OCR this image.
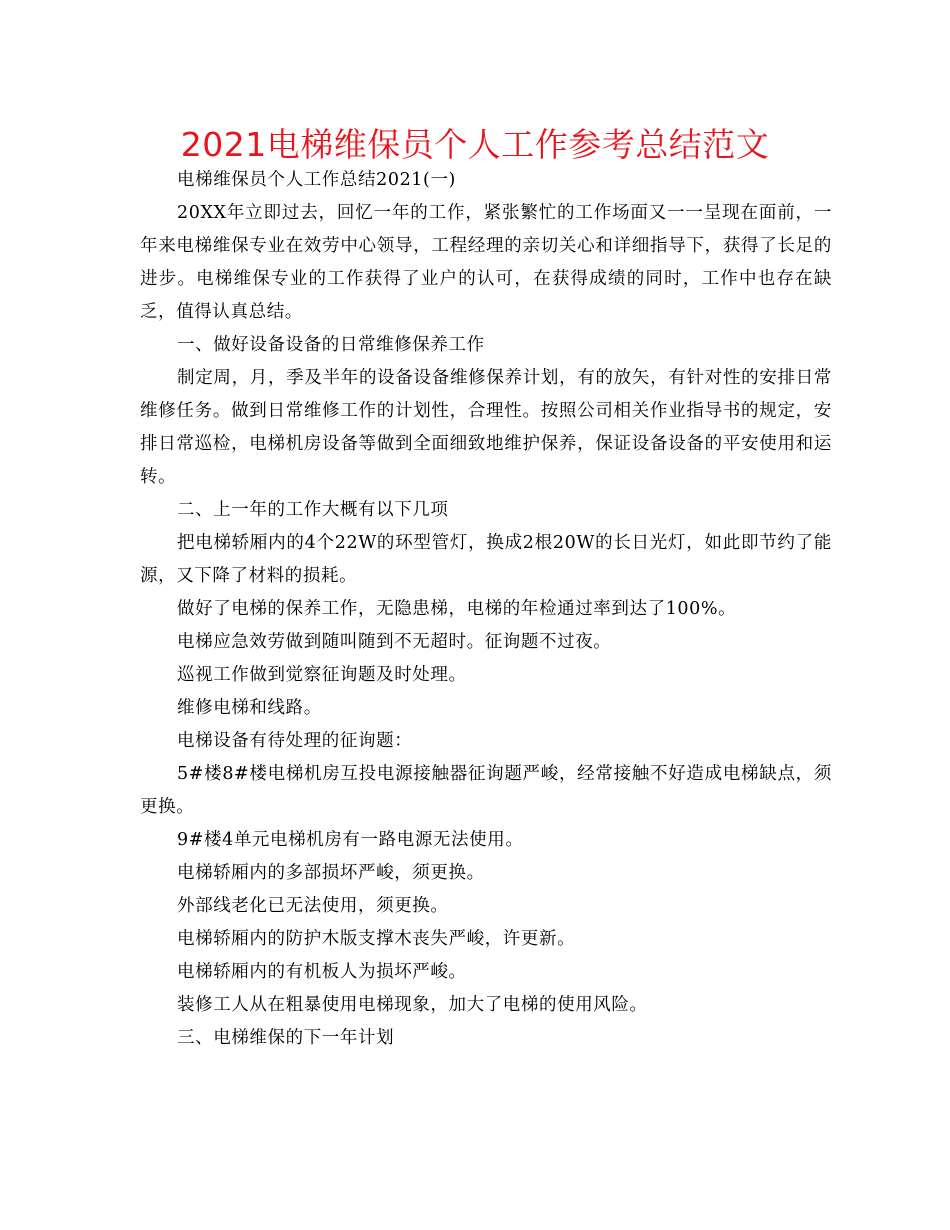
2021电梯维保员个人工作参考总结范文

电梯维保员个人工作总结2021(一)

20XX年立即过去，回忆一年的工作，紧张繁忙的工作场面又一一呈现在面前，一年来电梯维保专业在效劳中心领导，工程经理的亲切关心和详细指导下，获得了长足的进步。电梯维保专业的工作获得了业户的认可，在获得成绩的同时，工作中也存在缺乏，值得认真总结。

一、做好设备设备的日常维修保养工作

制定周，月，季及半年的设备设备维修保养计划，有的放矢，有针对性的安排日常维修任务。做到日常维修工作的计划性，合理性。按照公司相关作业指导书的规定，安排日常巡检，电梯机房设备等做到全面细致地维护保养，保证设备设备的平安使用和运转。

二、上一年的工作大概有以下几项

把电梯轿厢内的4个22W的环型管灯，换成2根20W的长日光灯，如此即节约了能源，又下降了材料的损耗。

做好了电梯的保养工作，无隐患梯，电梯的年检通过率到达了100%。

电梯应急效劳做到随叫随到不无超时。征询题不过夜。

巡视工作做到觉察征询题及时处理。

维修电梯和线路。

电梯设备有待处理的征询题：

5#楼8#楼电梯机房互投电源接触器征询题严峻，经常接触不好造成电梯缺点，须更换。

9#楼4单元电梯机房有一路电源无法使用。

电梯轿厢内的多部损坏严峻，须更换。

外部线老化已无法使用，须更换。

电梯轿厢内的防护木版支撑木丧失严峻，许更新。

电梯轿厢内的有机板人为损坏严峻。

装修工人从在粗暴使用电梯现象，加大了电梯的使用风险。

三、电梯维保的下一年计划
